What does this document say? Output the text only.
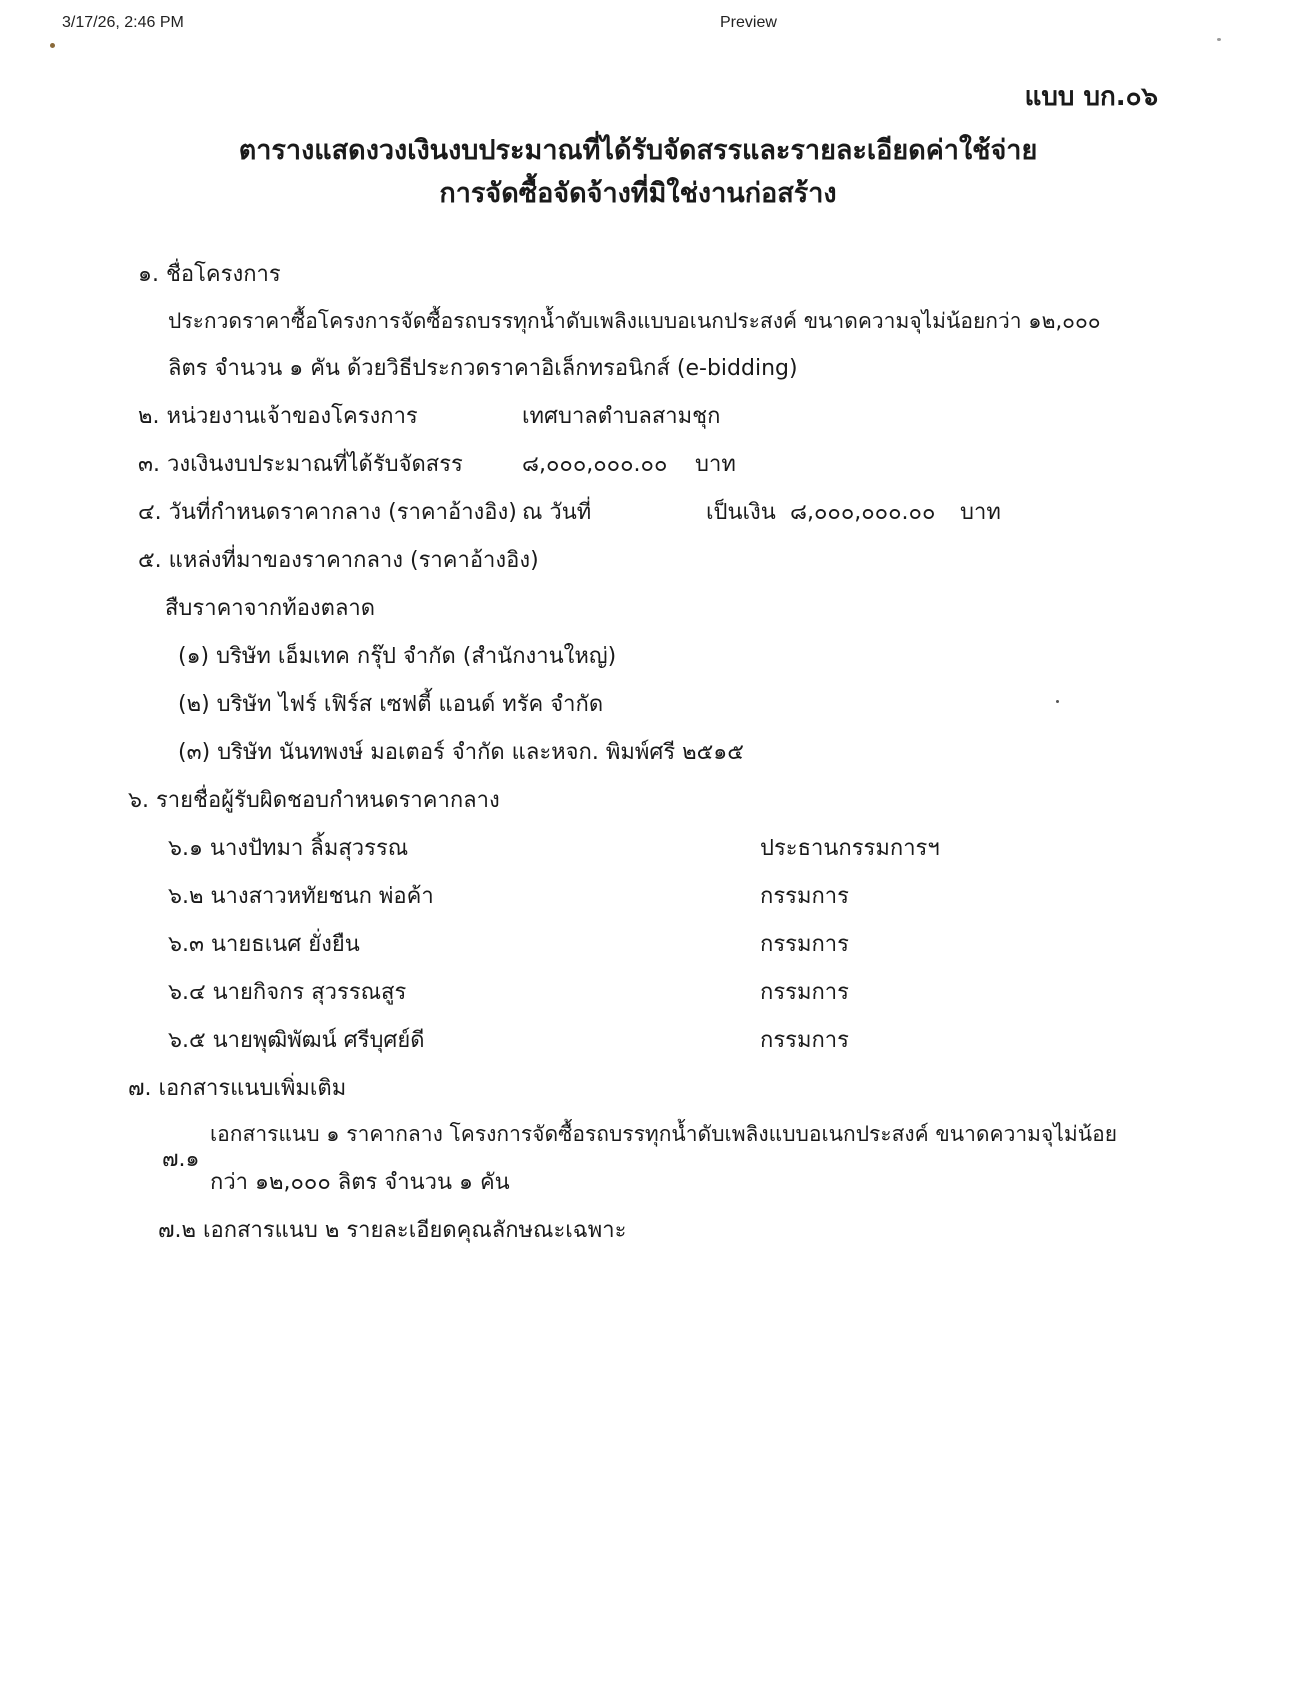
3/17/26, 2:46 PM	Preview
แบบ บก.๐๖
ตารางแสดงวงเงินงบประมาณที่ได้รับจัดสรรและรายละเอียดค่าใช้จ่าย
การจัดซื้อจัดจ้างที่มิใช่งานก่อสร้าง
๑. ชื่อโครงการ
ประกวดราคาซื้อโครงการจัดซื้อรถบรรทุกน้ำดับเพลิงแบบอเนกประสงค์ ขนาดความจุไม่น้อยกว่า ๑๒,๐๐๐
ลิตร จำนวน ๑ คัน ด้วยวิธีประกวดราคาอิเล็กทรอนิกส์ (e-bidding)
๒. หน่วยงานเจ้าของโครงการ	เทศบาลตำบลสามชุก
๓. วงเงินงบประมาณที่ได้รับจัดสรร	๘,๐๐๐,๐๐๐.๐๐ บาท
๔. วันที่กำหนดราคากลาง (ราคาอ้างอิง) ณ วันที่	เป็นเงิน ๘,๐๐๐,๐๐๐.๐๐ บาท
๕. แหล่งที่มาของราคากลาง (ราคาอ้างอิง)
สืบราคาจากท้องตลาด
(๑) บริษัท เอ็มเทค กรุ๊ป จำกัด (สำนักงานใหญ่)
(๒) บริษัท ไฟร์ เฟิร์ส เซฟตี้ แอนด์ ทรัค จำกัด
(๓) บริษัท นันทพงษ์ มอเตอร์ จำกัด และหจก. พิมพ์ศรี ๒๕๑๕
๖. รายชื่อผู้รับผิดชอบกำหนดราคากลาง
๖.๑ นางปัทมา ลิ้มสุวรรณ	ประธานกรรมการฯ
๖.๒ นางสาวหทัยชนก พ่อค้า	กรรมการ
๖.๓ นายธเนศ ยั่งยืน	กรรมการ
๖.๔ นายกิจกร สุวรรณสูร	กรรมการ
๖.๕ นายพุฒิพัฒน์ ศรีบุศย์ดี	กรรมการ
๗. เอกสารแนบเพิ่มเติม
๗.๑
เอกสารแนบ ๑ ราคากลาง โครงการจัดซื้อรถบรรทุกน้ำดับเพลิงแบบอเนกประสงค์ ขนาดความจุไม่น้อย
กว่า ๑๒,๐๐๐ ลิตร จำนวน ๑ คัน
๗.๒ เอกสารแนบ ๒ รายละเอียดคุณลักษณะเฉพาะ
